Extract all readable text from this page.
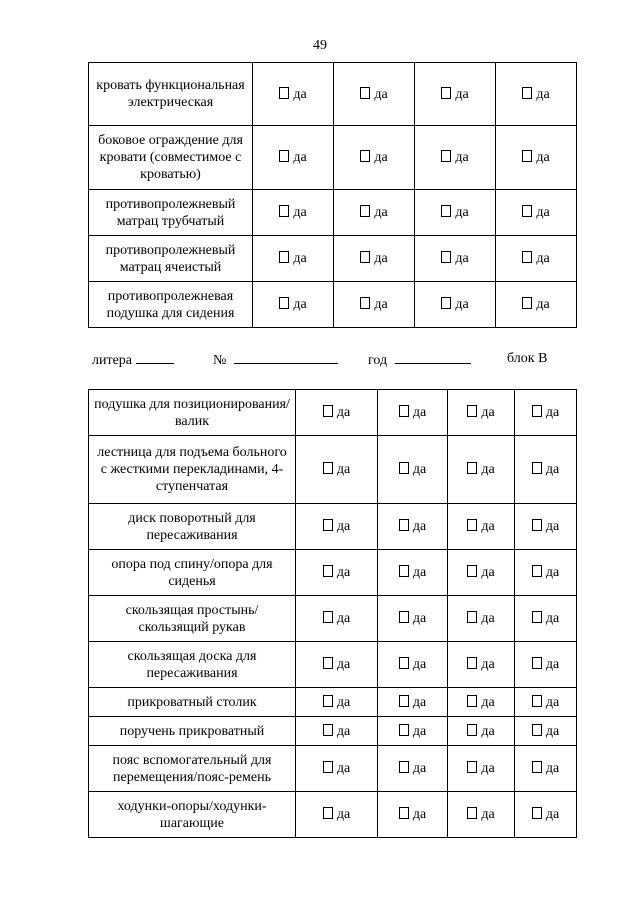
49
кровать функциональная электрическая	да	да	да	да
боковое ограждение для кровати (совместимое с кроватью)	да	да	да	да
противопролежневый матрац трубчатый	да	да	да	да
противопролежневый матрац ячеистый	да	да	да	да
противопролежневая подушка для сидения	да	да	да	да
литера	№	год	блок В
подушка для позиционирования/валик	да	да	да	да
лестница для подъема больного с жесткими перекладинами, 4-ступенчатая	да	да	да	да
диск поворотный для пересаживания	да	да	да	да
опора под спину/опора для сиденья	да	да	да	да
скользящая простынь/скользящий рукав	да	да	да	да
скользящая доска для пересаживания	да	да	да	да
прикроватный столик	да	да	да	да
поручень прикроватный	да	да	да	да
пояс вспомогательный для перемещения/пояс-ремень	да	да	да	да
ходунки-опоры/ходунки-шагающие	да	да	да	да
